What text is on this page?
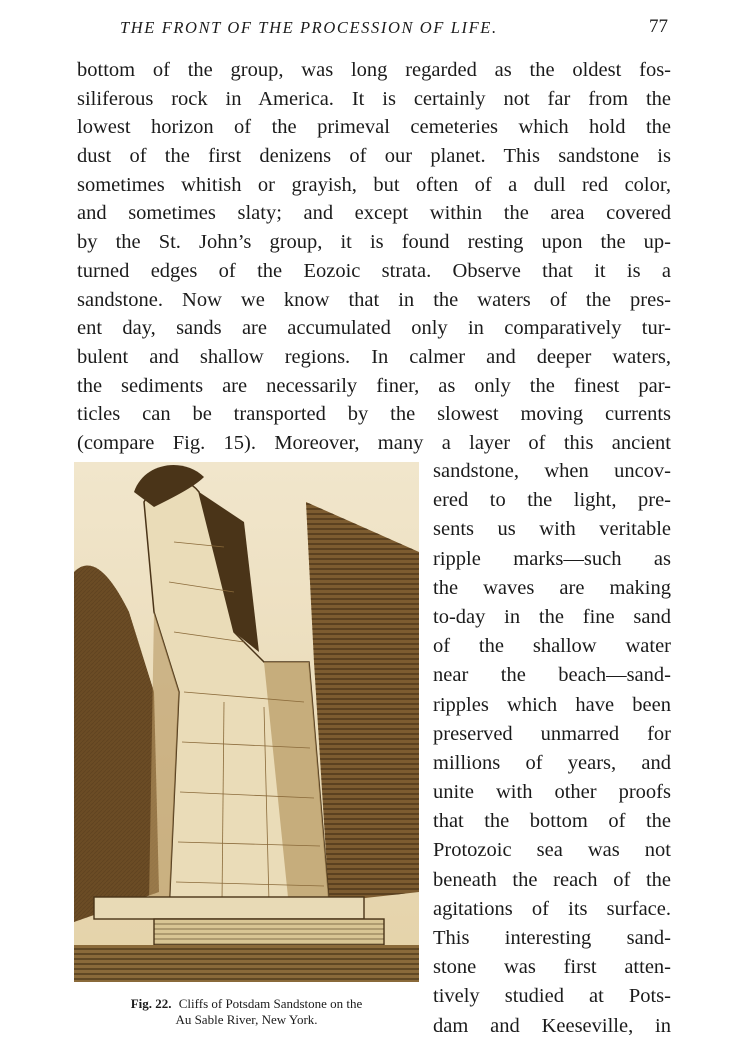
THE FRONT OF THE PROCESSION OF LIFE.	77
bottom of the group, was long regarded as the oldest fos-
siliferous rock in America. It is certainly not far from the
lowest horizon of the primeval cemeteries which hold the
dust of the first denizens of our planet. This sandstone is
sometimes whitish or grayish, but often of a dull red color,
and sometimes slaty; and except within the area covered
by the St. John’s group, it is found resting upon the up-
turned edges of the Eozoic strata. Observe that it is a
sandstone. Now we know that in the waters of the pres-
ent day, sands are accumulated only in comparatively tur-
bulent and shallow regions. In calmer and deeper waters,
the sediments are necessarily finer, as only the finest par-
ticles can be transported by the slowest moving currents
(compare Fig. 15). Moreover, many a layer of this ancient
Fig. 22. Cliffs of Potsdam Sandstone on the
Au Sable River, New York.
sandstone, when uncov-
ered to the light, pre-
sents us with veritable
ripple marks—such as
the waves are making
to-day in the fine sand
of the shallow water
near the beach—sand-
ripples which have been
preserved unmarred for
millions of years, and
unite with other proofs
that the bottom of the
Protozoic sea was not
beneath the reach of the
agitations of its surface.
This interesting sand-
stone was first atten-
tively studied at Pots-
dam and Keeseville, in
